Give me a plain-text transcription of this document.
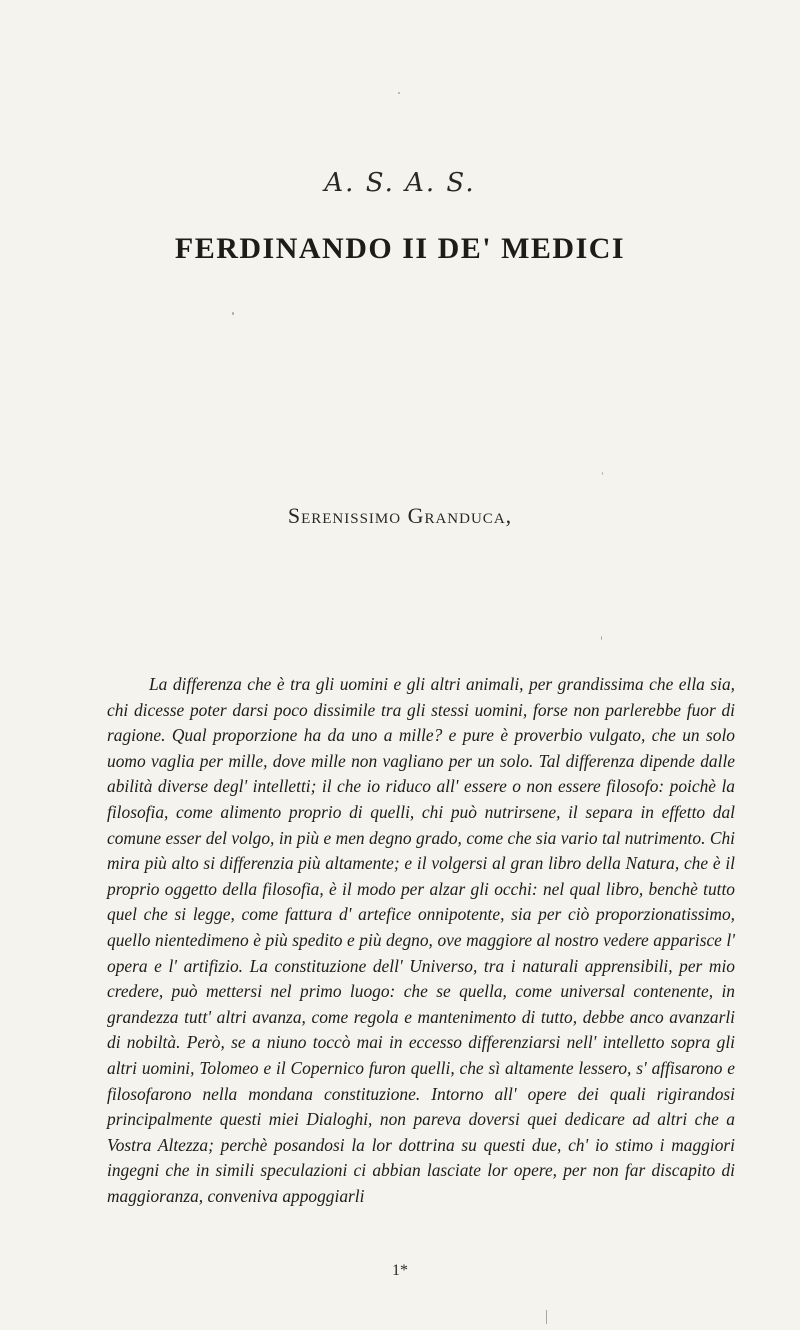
A. S. A. S.
FERDINANDO II DE' MEDICI
Serenissimo Granduca,

La differenza che è tra gli uomini e gli altri animali, per grandissima che ella sia, chi dicesse poter darsi poco dissimile tra gli stessi uomini, forse non parlerebbe fuor di ragione. Qual proporzione ha da uno a mille? e pure è proverbio vulgato, che un solo uomo vaglia per mille, dove mille non vagliano per un solo. Tal differenza dipende dalle abilità diverse degl' intelletti; il che io riduco all' essere o non essere filosofo: poichè la filosofia, come alimento proprio di quelli, chi può nutrirsene, il separa in effetto dal comune esser del volgo, in più e men degno grado, come che sia vario tal nutrimento. Chi mira più alto si differenzia più altamente; e il volgersi al gran libro della Natura, che è il proprio oggetto della filosofia, è il modo per alzar gli occhi: nel qual libro, benchè tutto quel che si legge, come fattura d' artefice onnipotente, sia per ciò proporzionatissimo, quello nientedimeno è più spedito e più degno, ove maggiore al nostro vedere apparisce l' opera e l' artifizio. La constituzione dell' Universo, tra i naturali apprensibili, per mio credere, può mettersi nel primo luogo: che se quella, come universal contenente, in grandezza tutt' altri avanza, come regola e mantenimento di tutto, debbe anco avanzarli di nobiltà. Però, se a niuno toccò mai in eccesso differenziarsi nell' intelletto sopra gli altri uomini, Tolomeo e il Copernico furon quelli, che sì altamente lessero, s' affisarono e filosofarono nella mondana constituzione. Intorno all' opere dei quali rigirandosi principalmente questi miei Dialoghi, non pareva doversi quei dedicare ad altri che a Vostra Altezza; perchè posandosi la lor dottrina su questi due, ch' io stimo i maggiori ingegni che in simili speculazioni ci abbian lasciate lor opere, per non far discapito di maggioranza, conveniva appoggiarli

1*
